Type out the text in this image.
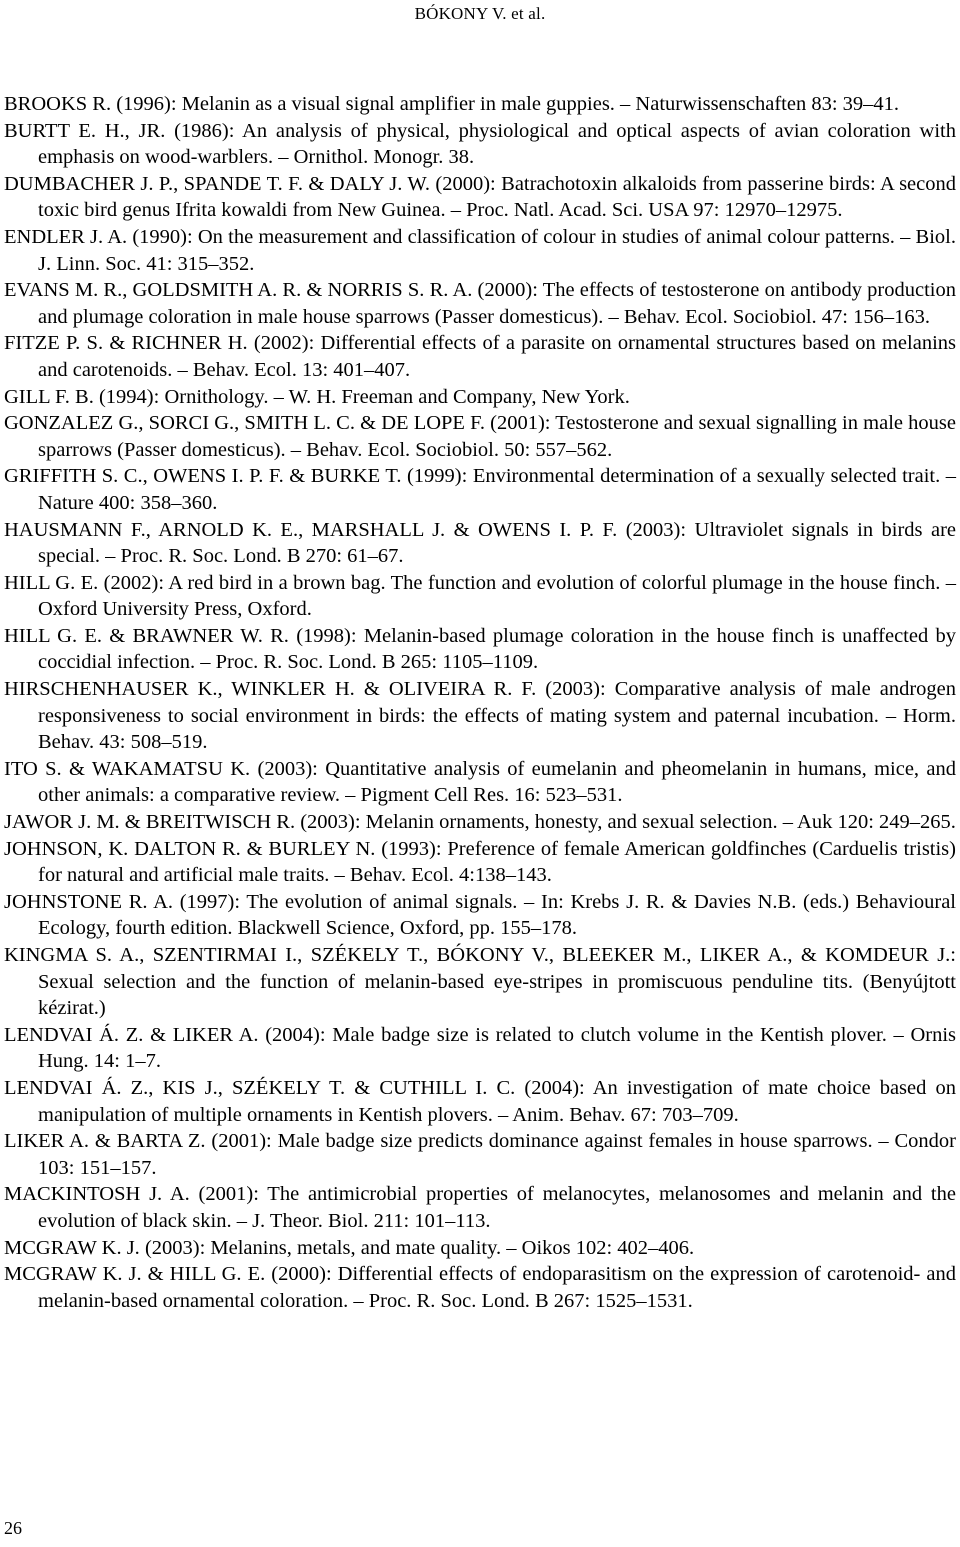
BÓKONY V. et al.
BROOKS R. (1996): Melanin as a visual signal amplifier in male guppies. – Naturwissenschaften 83: 39–41.
BURTT E. H., JR. (1986): An analysis of physical, physiological and optical aspects of avian coloration with emphasis on wood-warblers. – Ornithol. Monogr. 38.
DUMBACHER J. P., SPANDE T. F. & DALY J. W. (2000): Batrachotoxin alkaloids from passerine birds: A second toxic bird genus Ifrita kowaldi from New Guinea. – Proc. Natl. Acad. Sci. USA 97: 12970–12975.
ENDLER J. A. (1990): On the measurement and classification of colour in studies of animal colour patterns. – Biol. J. Linn. Soc. 41: 315–352.
EVANS M. R., GOLDSMITH A. R. & NORRIS S. R. A. (2000): The effects of testosterone on antibody production and plumage coloration in male house sparrows (Passer domesticus). – Behav. Ecol. Sociobiol. 47: 156–163.
FITZE P. S. & RICHNER H. (2002): Differential effects of a parasite on ornamental structures based on melanins and carotenoids. – Behav. Ecol. 13: 401–407.
GILL F. B. (1994): Ornithology. – W. H. Freeman and Company, New York.
GONZALEZ G., SORCI G., SMITH L. C. & DE LOPE F. (2001): Testosterone and sexual signalling in male house sparrows (Passer domesticus). – Behav. Ecol. Sociobiol. 50: 557–562.
GRIFFITH S. C., OWENS I. P. F. & BURKE T. (1999): Environmental determination of a sexually selected trait. – Nature 400: 358–360.
HAUSMANN F., ARNOLD K. E., MARSHALL J. & OWENS I. P. F. (2003): Ultraviolet signals in birds are special. – Proc. R. Soc. Lond. B 270: 61–67.
HILL G. E. (2002): A red bird in a brown bag. The function and evolution of colorful plumage in the house finch. – Oxford University Press, Oxford.
HILL G. E. & BRAWNER W. R. (1998): Melanin-based plumage coloration in the house finch is unaffected by coccidial infection. – Proc. R. Soc. Lond. B 265: 1105–1109.
HIRSCHENHAUSER K., WINKLER H. & OLIVEIRA R. F. (2003): Comparative analysis of male androgen responsiveness to social environment in birds: the effects of mating system and paternal incubation. – Horm. Behav. 43: 508–519.
ITO S. & WAKAMATSU K. (2003): Quantitative analysis of eumelanin and pheomelanin in humans, mice, and other animals: a comparative review. – Pigment Cell Res. 16: 523–531.
JAWOR J. M. & BREITWISCH R. (2003): Melanin ornaments, honesty, and sexual selection. – Auk 120: 249–265.
JOHNSON, K. DALTON R. & BURLEY N. (1993): Preference of female American goldfinches (Carduelis tristis) for natural and artificial male traits. – Behav. Ecol. 4:138–143.
JOHNSTONE R. A. (1997): The evolution of animal signals. – In: Krebs J. R. & Davies N.B. (eds.) Behavioural Ecology, fourth edition. Blackwell Science, Oxford, pp. 155–178.
KINGMA S. A., SZENTIRMAI I., SZÉKELY T., BÓKONY V., BLEEKER M., LIKER A., & KOMDEUR J.: Sexual selection and the function of melanin-based eye-stripes in promiscuous penduline tits. (Benyújtott kézirat.)
LENDVAI Á. Z. & LIKER A. (2004): Male badge size is related to clutch volume in the Kentish plover. – Ornis Hung. 14: 1–7.
LENDVAI Á. Z., KIS J., SZÉKELY T. & CUTHILL I. C. (2004): An investigation of mate choice based on manipulation of multiple ornaments in Kentish plovers. – Anim. Behav. 67: 703–709.
LIKER A. & BARTA Z. (2001): Male badge size predicts dominance against females in house sparrows. – Condor 103: 151–157.
MACKINTOSH J. A. (2001): The antimicrobial properties of melanocytes, melanosomes and melanin and the evolution of black skin. – J. Theor. Biol. 211: 101–113.
MCGRAW K. J. (2003): Melanins, metals, and mate quality. – Oikos 102: 402–406.
MCGRAW K. J. & HILL G. E. (2000): Differential effects of endoparasitism on the expression of carotenoid- and melanin-based ornamental coloration. – Proc. R. Soc. Lond. B 267: 1525–1531.
26
